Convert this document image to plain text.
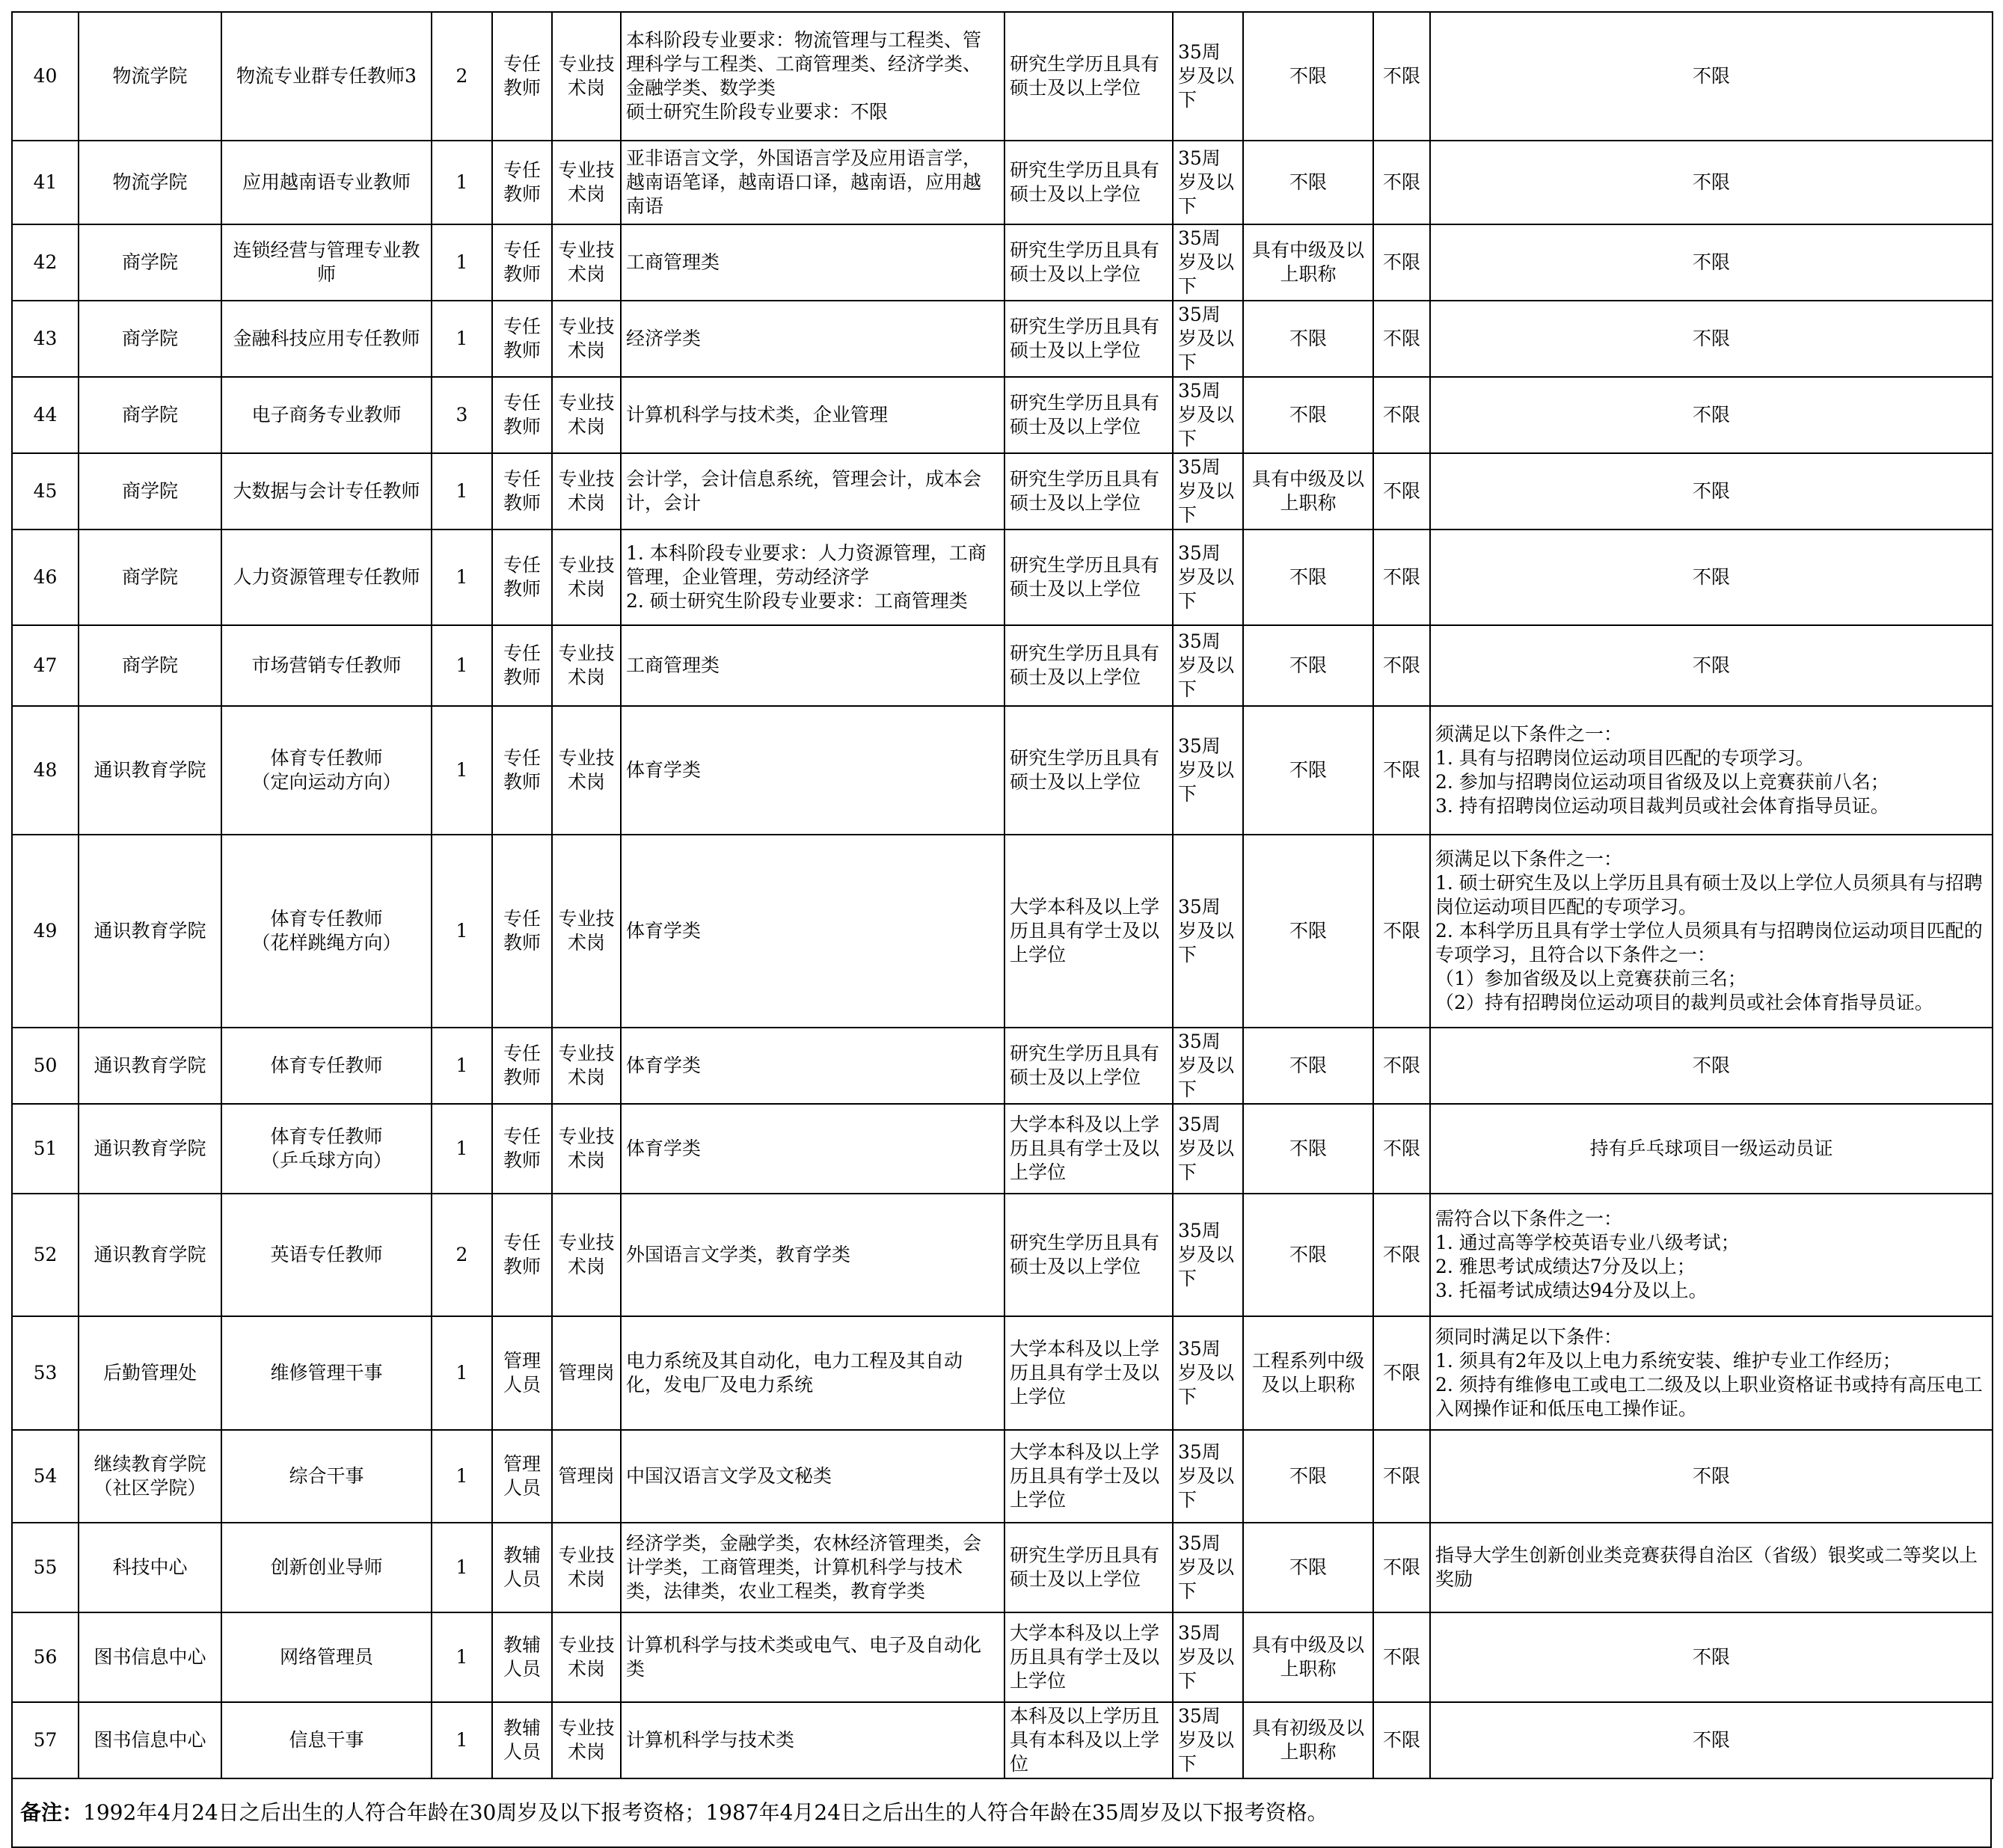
40	物流学院	物流专业群专任教师3	2	专任教师	专业技术岗	本科阶段专业要求：物流管理与工程类、管理科学与工程类、工商管理类、经济学类、金融学类、数学类
硕士研究生阶段专业要求：不限	研究生学历且具有硕士及以上学位	35周岁及以下	不限	不限	不限

41	物流学院	应用越南语专业教师	1	专任教师	专业技术岗	亚非语言文学，外国语言学及应用语言学，越南语笔译，越南语口译，越南语，应用越南语	研究生学历且具有硕士及以上学位	35周岁及以下	不限	不限	不限

42	商学院	连锁经营与管理专业教师	1	专任教师	专业技术岗	工商管理类	研究生学历且具有硕士及以上学位	35周岁及以下	具有中级及以上职称	不限	不限

43	商学院	金融科技应用专任教师	1	专任教师	专业技术岗	经济学类	研究生学历且具有硕士及以上学位	35周岁及以下	不限	不限	不限

44	商学院	电子商务专业教师	3	专任教师	专业技术岗	计算机科学与技术类，企业管理	研究生学历且具有硕士及以上学位	35周岁及以下	不限	不限	不限

45	商学院	大数据与会计专任教师	1	专任教师	专业技术岗	会计学，会计信息系统，管理会计，成本会计，会计	研究生学历且具有硕士及以上学位	35周岁及以下	具有中级及以上职称	不限	不限

46	商学院	人力资源管理专任教师	1	专任教师	专业技术岗	1. 本科阶段专业要求：人力资源管理，工商管理，企业管理，劳动经济学
2. 硕士研究生阶段专业要求：工商管理类	研究生学历且具有硕士及以上学位	35周岁及以下	不限	不限	不限

47	商学院	市场营销专任教师	1	专任教师	专业技术岗	工商管理类	研究生学历且具有硕士及以上学位	35周岁及以下	不限	不限	不限

48	通识教育学院	体育专任教师
（定向运动方向）	1	专任教师	专业技术岗	体育学类	研究生学历且具有硕士及以上学位	35周岁及以下	不限	不限	须满足以下条件之一：
1. 具有与招聘岗位运动项目匹配的专项学习。
2. 参加与招聘岗位运动项目省级及以上竞赛获前八名；
3. 持有招聘岗位运动项目裁判员或社会体育指导员证。

49	通识教育学院	体育专任教师
（花样跳绳方向）	1	专任教师	专业技术岗	体育学类	大学本科及以上学历且具有学士及以上学位	35周岁及以下	不限	不限	须满足以下条件之一：
1. 硕士研究生及以上学历且具有硕士及以上学位人员须具有与招聘岗位运动项目匹配的专项学习。
2. 本科学历且具有学士学位人员须具有与招聘岗位运动项目匹配的专项学习，且符合以下条件之一：
（1）参加省级及以上竞赛获前三名；
（2）持有招聘岗位运动项目的裁判员或社会体育指导员证。

50	通识教育学院	体育专任教师	1	专任教师	专业技术岗	体育学类	研究生学历且具有硕士及以上学位	35周岁及以下	不限	不限	不限

51	通识教育学院	体育专任教师
（乒乓球方向）	1	专任教师	专业技术岗	体育学类	大学本科及以上学历且具有学士及以上学位	35周岁及以下	不限	不限	持有乒乓球项目一级运动员证

52	通识教育学院	英语专任教师	2	专任教师	专业技术岗	外国语言文学类，教育学类	研究生学历且具有硕士及以上学位	35周岁及以下	不限	不限	需符合以下条件之一：
1. 通过高等学校英语专业八级考试；
2. 雅思考试成绩达7分及以上；
3. 托福考试成绩达94分及以上。

53	后勤管理处	维修管理干事	1	管理人员	管理岗	电力系统及其自动化，电力工程及其自动化，发电厂及电力系统	大学本科及以上学历且具有学士及以上学位	35周岁及以下	工程系列中级及以上职称	不限	须同时满足以下条件：
1. 须具有2年及以上电力系统安装、维护专业工作经历；
2. 须持有维修电工或电工二级及以上职业资格证书或持有高压电工入网操作证和低压电工操作证。

54	继续教育学院
（社区学院）	综合干事	1	管理人员	管理岗	中国汉语言文学及文秘类	大学本科及以上学历且具有学士及以上学位	35周岁及以下	不限	不限	不限

55	科技中心	创新创业导师	1	教辅人员	专业技术岗	经济学类，金融学类，农林经济管理类，会计学类，工商管理类，计算机科学与技术类，法律类，农业工程类，教育学类	研究生学历且具有硕士及以上学位	35周岁及以下	不限	不限	指导大学生创新创业类竞赛获得自治区（省级）银奖或二等奖以上奖励

56	图书信息中心	网络管理员	1	教辅人员	专业技术岗	计算机科学与技术类或电气、电子及自动化类	大学本科及以上学历且具有学士及以上学位	35周岁及以下	具有中级及以上职称	不限	不限

57	图书信息中心	信息干事	1	教辅人员	专业技术岗	计算机科学与技术类	本科及以上学历且具有本科及以上学位	35周岁及以下	具有初级及以上职称	不限	不限
备注：1992年4月24日之后出生的人符合年龄在30周岁及以下报考资格；1987年4月24日之后出生的人符合年龄在35周岁及以下报考资格。
